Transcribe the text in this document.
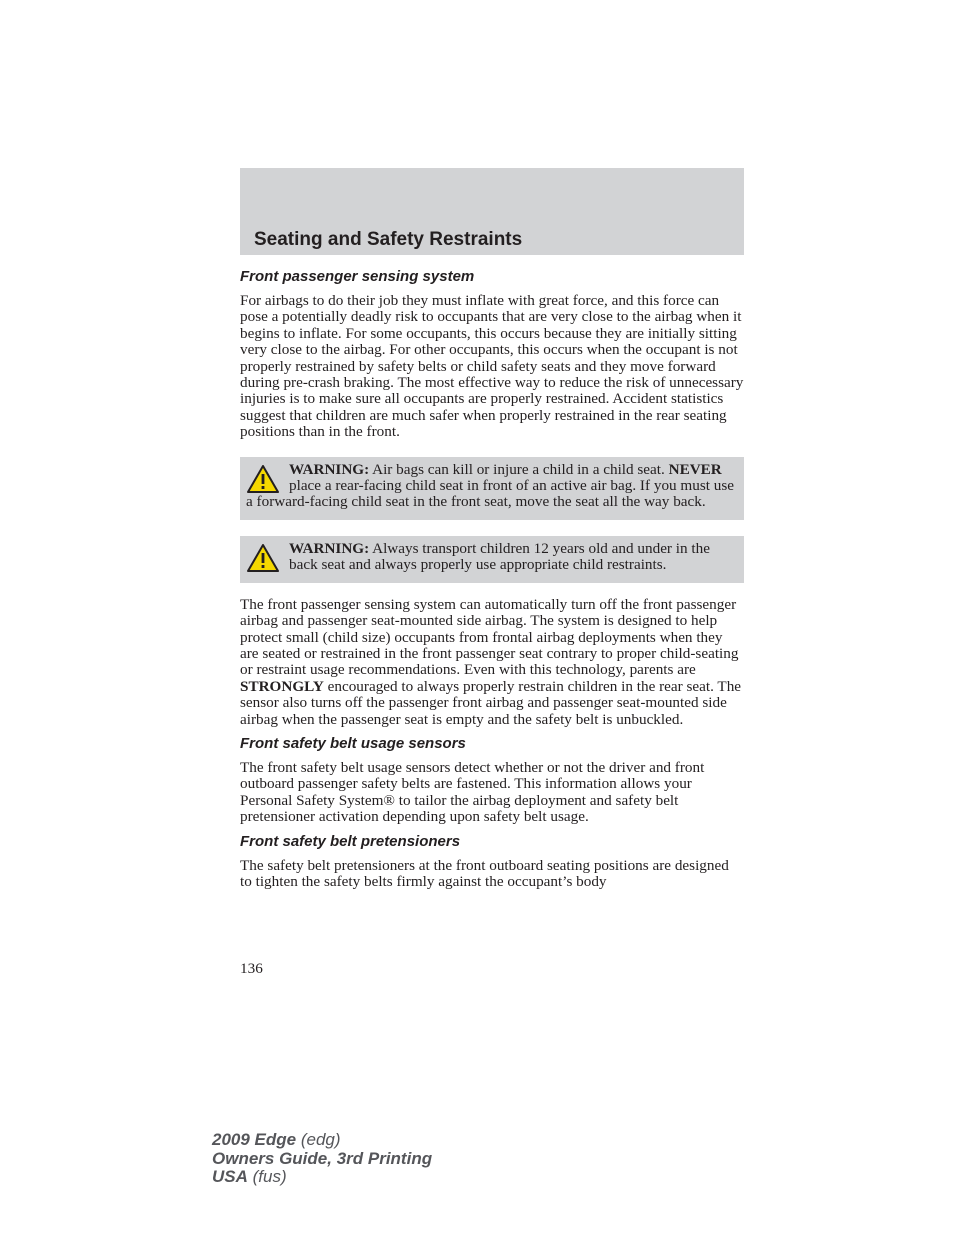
Seating and Safety Restraints
Front passenger sensing system

For airbags to do their job they must inflate with great force, and this force can pose a potentially deadly risk to occupants that are very close to the airbag when it begins to inflate. For some occupants, this occurs because they are initially sitting very close to the airbag. For other occupants, this occurs when the occupant is not properly restrained by safety belts or child safety seats and they move forward during pre-crash braking. The most effective way to reduce the risk of unnecessary injuries is to make sure all occupants are properly restrained. Accident statistics suggest that children are much safer when properly restrained in the rear seating positions than in the front.

WARNING: Air bags can kill or injure a child in a child seat. NEVER place a rear-facing child seat in front of an active air bag. If you must use a forward-facing child seat in the front seat, move the seat all the way back.
WARNING: Always transport children 12 years old and under in the back seat and always properly use appropriate child restraints.

The front passenger sensing system can automatically turn off the front passenger airbag and passenger seat-mounted side airbag. The system is designed to help protect small (child size) occupants from frontal airbag deployments when they are seated or restrained in the front passenger seat contrary to proper child-seating or restraint usage recommendations. Even with this technology, parents are STRONGLY encouraged to always properly restrain children in the rear seat. The sensor also turns off the passenger front airbag and passenger seat-mounted side airbag when the passenger seat is empty and the safety belt is unbuckled.

Front safety belt usage sensors

The front safety belt usage sensors detect whether or not the driver and front outboard passenger safety belts are fastened. This information allows your Personal Safety System® to tailor the airbag deployment and safety belt pretensioner activation depending upon safety belt usage.

Front safety belt pretensioners

The safety belt pretensioners at the front outboard seating positions are designed to tighten the safety belts firmly against the occupant’s body

136
2009 Edge (edg)
Owners Guide, 3rd Printing
USA (fus)
